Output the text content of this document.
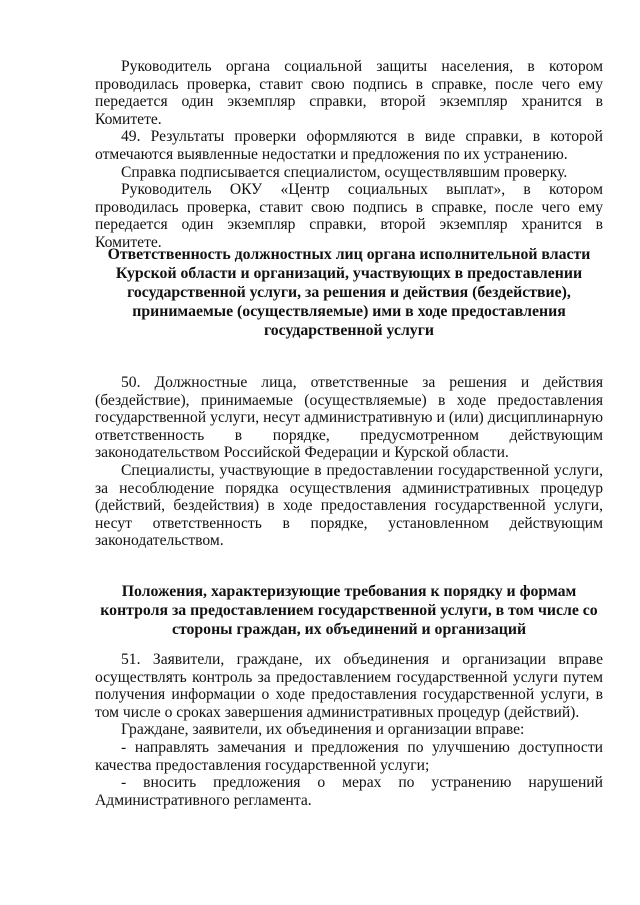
Руководитель органа социальной защиты населения, в котором проводилась проверка, ставит свою подпись в справке, после чего ему передается один экземпляр справки, второй экземпляр хранится в Комитете.

49. Результаты проверки оформляются в виде справки, в которой отмечаются выявленные недостатки и предложения по их устранению.

Справка подписывается специалистом, осуществлявшим проверку.

Руководитель ОКУ «Центр социальных выплат», в котором проводилась проверка, ставит свою подпись в справке, после чего ему передается один экземпляр справки, второй экземпляр хранится в Комитете.

Ответственность должностных лиц органа исполнительной власти Курской области и организаций, участвующих в предоставлении государственной услуги, за решения и действия (бездействие), принимаемые (осуществляемые) ими в ходе предоставления государственной услуги

50. Должностные лица, ответственные за решения и действия (бездействие), принимаемые (осуществляемые) в ходе предоставления государственной услуги, несут административную и (или) дисциплинарную ответственность в порядке, предусмотренном действующим законодательством Российской Федерации и Курской области.

Специалисты, участвующие в предоставлении государственной услуги, за несоблюдение порядка осуществления административных процедур (действий, бездействия) в ходе предоставления государственной услуги, несут ответственность в порядке, установленном действующим законодательством.

Положения, характеризующие требования к порядку и формам контроля за предоставлением государственной услуги, в том числе со стороны граждан, их объединений и организаций

51. Заявители, граждане, их объединения и организации вправе осуществлять контроль за предоставлением государственной услуги путем получения информации о ходе предоставления государственной услуги, в том числе о сроках завершения административных процедур (действий).

Граждане, заявители, их объединения и организации вправе:

- направлять замечания и предложения по улучшению доступности качества предоставления государственной услуги;

- вносить предложения о мерах по устранению нарушений Административного регламента.
